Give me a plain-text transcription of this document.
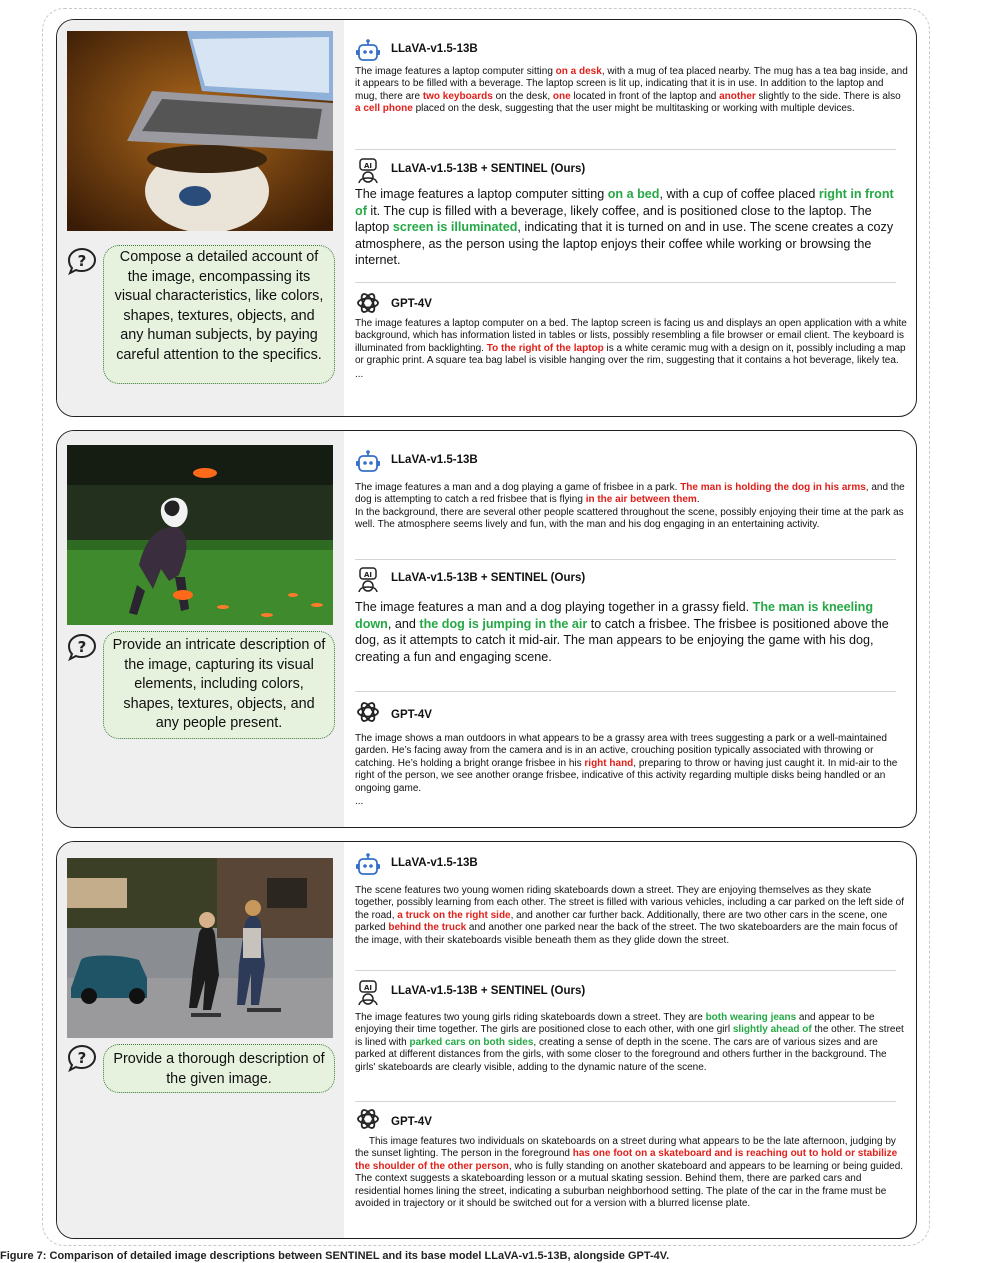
?	Compose a detailed account of the image, encompassing its visual characteristics, like colors, shapes, textures, objects, and any human subjects, by paying careful attention to the specifics.
LLaVA-v1.5-13B

The image features a laptop computer sitting on a desk, with a mug of tea placed nearby. The mug has a tea bag inside, and it appears to be filled with a beverage. The laptop screen is lit up, indicating that it is in use. In addition to the laptop and mug, there are two keyboards on the desk, one located in front of the laptop and another slightly to the side. There is also a cell phone placed on the desk, suggesting that the user might be multitasking or working with multiple devices.

AI LLaVA-v1.5-13B + SENTINEL (Ours)

The image features a laptop computer sitting on a bed, with a cup of coffee placed right in front of it. The cup is filled with a beverage, likely coffee, and is positioned close to the laptop. The laptop screen is illuminated, indicating that it is turned on and in use. The scene creates a cozy atmosphere, as the person using the laptop enjoys their coffee while working or browsing the internet.

GPT-4V

The image features a laptop computer on a bed. The laptop screen is facing us and displays an open application with a white background, which has information listed in tables or lists, possibly resembling a file browser or email client. The keyboard is illuminated from backlighting. To the right of the laptop is a white ceramic mug with a design on it, possibly including a map or graphic print. A square tea bag label is visible hanging over the rim, suggesting that it contains a hot beverage, likely tea.

...

?	Provide an intricate description of the image, capturing its visual elements, including colors, shapes, textures, objects, and any people present.
LLaVA-v1.5-13B

The image features a man and a dog playing a game of frisbee in a park. The man is holding the dog in his arms, and the dog is attempting to catch a red frisbee that is flying in the air between them.
In the background, there are several other people scattered throughout the scene, possibly enjoying their time at the park as well. The atmosphere seems lively and fun, with the man and his dog engaging in an entertaining activity.

AI LLaVA-v1.5-13B + SENTINEL (Ours)

The image features a man and a dog playing together in a grassy field. The man is kneeling down, and the dog is jumping in the air to catch a frisbee. The frisbee is positioned above the dog, as it attempts to catch it mid-air. The man appears to be enjoying the game with his dog, creating a fun and engaging scene.

GPT-4V

The image shows a man outdoors in what appears to be a grassy area with trees suggesting a park or a well-maintained garden. He’s facing away from the camera and is in an active, crouching position typically associated with throwing or catching. He’s holding a bright orange frisbee in his right hand, preparing to throw or having just caught it. In mid-air to the right of the person, we see another orange frisbee, indicative of this activity regarding multiple disks being handled or an ongoing game.

...

?	Provide a thorough description of the given image.
LLaVA-v1.5-13B

The scene features two young women riding skateboards down a street. They are enjoying themselves as they skate together, possibly learning from each other. The street is filled with various vehicles, including a car parked on the left side of the road, a truck on the right side, and another car further back. Additionally, there are two other cars in the scene, one parked behind the truck and another one parked near the back of the street. The two skateboarders are the main focus of the image, with their skateboards visible beneath them as they glide down the street.

AI LLaVA-v1.5-13B + SENTINEL (Ours)

The image features two young girls riding skateboards down a street. They are both wearing jeans and appear to be enjoying their time together. The girls are positioned close to each other, with one girl slightly ahead of the other. The street is lined with parked cars on both sides, creating a sense of depth in the scene. The cars are of various sizes and are parked at different distances from the girls, with some closer to the foreground and others further in the background. The girls' skateboards are clearly visible, adding to the dynamic nature of the scene.

GPT-4V

This image features two individuals on skateboards on a street during what appears to be the late afternoon, judging by the sunset lighting. The person in the foreground has one foot on a skateboard and is reaching out to hold or stabilize the shoulder of the other person, who is fully standing on another skateboard and appears to be learning or being guided. The context suggests a skateboarding lesson or a mutual skating session. Behind them, there are parked cars and residential homes lining the street, indicating a suburban neighborhood setting. The plate of the car in the frame must be avoided in trajectory or it should be switched out for a version with a blurred license plate.

Figure 7: Comparison of detailed image descriptions between SENTINEL and its base model LLaVA-v1.5-13B, alongside GPT-4V.
